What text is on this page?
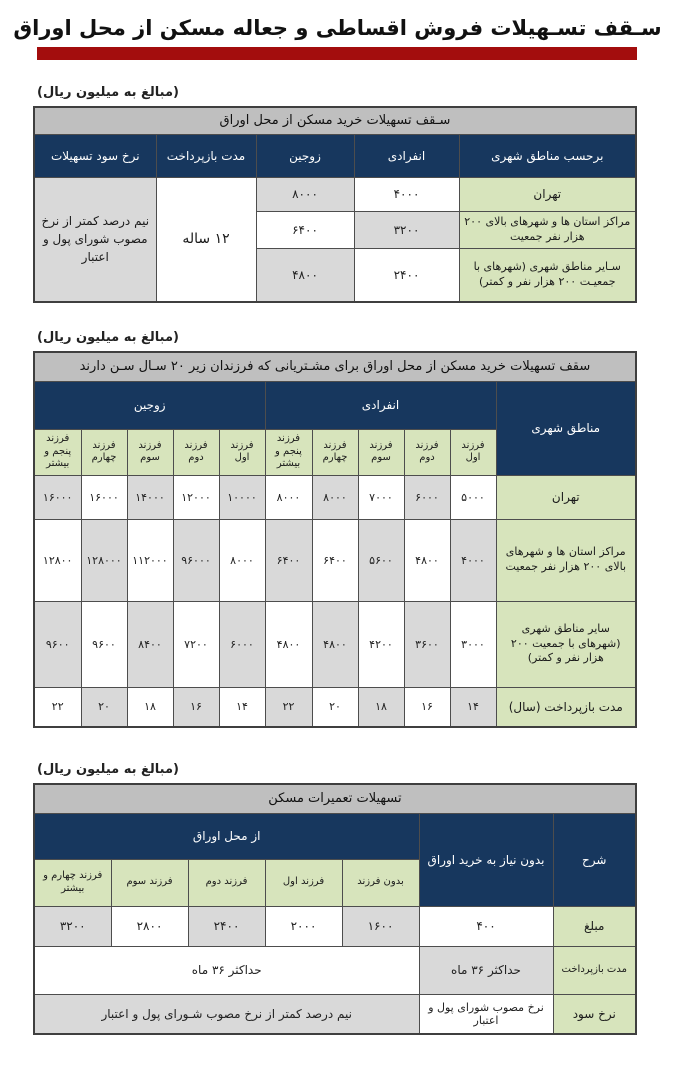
سـقف تسـهیلات فروش اقساطی و جعاله مسکن از محل اوراق
(مبالغ به میلیون ریال)
سـقف تسهیلات خرید مسکن از محل اوراق				
برحسب مناطق شهری	انفرادی	زوجین	مدت بازپرداخت	نرخ سود تسهیلات
تهران	۴۰۰۰	۸۰۰۰	۱۲ ساله	نیم درصد کمتر از نرخ مصوب شورای پول و اعتبار
مراکز استان ها و شهرهای بالای ۲۰۰ هزار نفر جمعیت	۳۲۰۰	۶۴۰۰		
سـایر مناطق شهری (شهرهای با جمعیـت ۲۰۰ هزار نفر و کمتر)	۲۴۰۰	۴۸۰۰		
(مبالغ به میلیون ریال)
سقف تسهیلات خرید مسکن از محل اوراق برای مشـتریانی که فرزندان زیر ۲۰ سـال سـن دارند										
مناطق شهری	انفرادی					زوجین				
	فرزند اول	فرزند دوم	فرزند سوم	فرزند چهارم	فرزند پنجم و بیشتر	فرزند اول	فرزند دوم	فرزند سوم	فرزند چهارم	فرزند پنجم و بیشتر
تهران	۵۰۰۰	۶۰۰۰	۷۰۰۰	۸۰۰۰	۸۰۰۰	۱۰۰۰۰	۱۲۰۰۰	۱۴۰۰۰	۱۶۰۰۰	۱۶۰۰۰
مراکز استان ها و شهرهای بالای ۲۰۰ هزار نفر جمعیت	۴۰۰۰	۴۸۰۰	۵۶۰۰	۶۴۰۰	۶۴۰۰	۸۰۰۰	۹۶۰۰۰	۱۱۲۰۰۰	۱۲۸۰۰۰	۱۲۸۰۰
سایر مناطق شهری (شهرهای با جمعیت ۲۰۰ هزار نفر و کمتر)	۳۰۰۰	۳۶۰۰	۴۲۰۰	۴۸۰۰	۴۸۰۰	۶۰۰۰	۷۲۰۰	۸۴۰۰	۹۶۰۰	۹۶۰۰
مدت بازپرداخت (سال)	۱۴	۱۶	۱۸	۲۰	۲۲	۱۴	۱۶	۱۸	۲۰	۲۲
(مبالغ به میلیون ریال)
تسهیلات تعمیرات مسکن						
شرح	بدون نیاز به خرید اوراق	از محل اوراق				
		بدون فرزند	فرزند اول	فرزند دوم	فرزند سوم	فرزند چهارم و بیشتر
مبلغ	۴۰۰	۱۶۰۰	۲۰۰۰	۲۴۰۰	۲۸۰۰	۳۲۰۰
مدت بازپرداخت	حداکثر ۳۶ ماه	حداکثر ۳۶ ماه				
نرخ سود	نرخ مصوب شورای پول و اعتبار	نیم درصد کمتر از نرخ مصوب شـورای پول و اعتبار				
